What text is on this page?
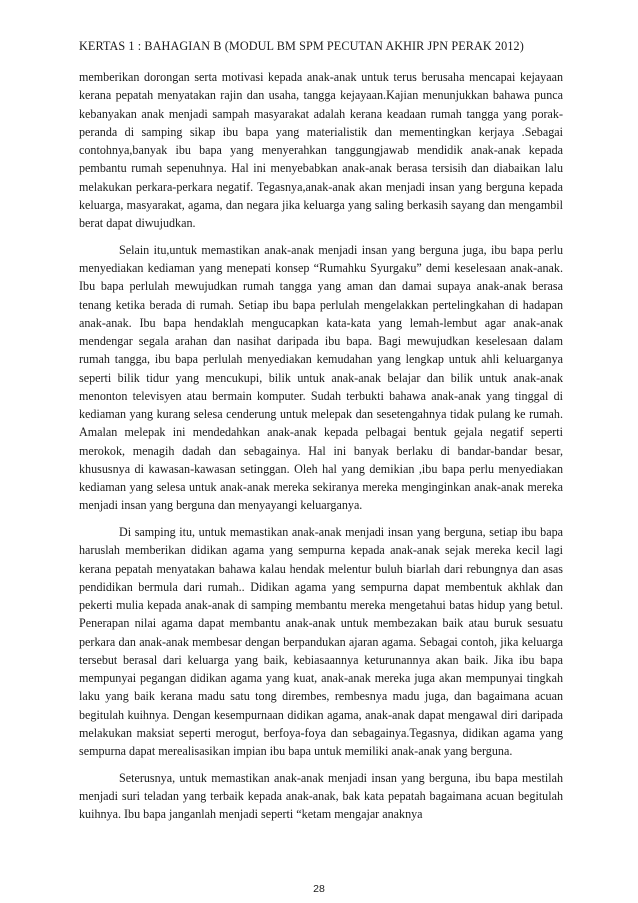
KERTAS 1 : BAHAGIAN B (MODUL BM SPM PECUTAN AKHIR JPN PERAK 2012)

memberikan dorongan serta motivasi kepada anak-anak untuk terus berusaha mencapai kejayaan kerana pepatah menyatakan rajin dan usaha, tangga kejayaan.Kajian menunjukkan bahawa punca kebanyakan anak menjadi sampah masyarakat adalah kerana keadaan rumah tangga yang porak-peranda di samping sikap ibu bapa yang materialistik dan mementingkan kerjaya .Sebagai contohnya,banyak ibu bapa yang menyerahkan tanggungjawab mendidik anak-anak kepada pembantu rumah sepenuhnya. Hal ini menyebabkan anak-anak berasa tersisih dan diabaikan lalu melakukan perkara-perkara negatif. Tegasnya,anak-anak akan menjadi insan yang berguna kepada keluarga, masyarakat, agama, dan negara jika keluarga yang saling berkasih sayang dan mengambil berat dapat diwujudkan.

Selain itu,untuk memastikan anak-anak menjadi insan yang berguna juga, ibu bapa perlu menyediakan kediaman yang menepati konsep “Rumahku Syurgaku” demi keselesaan anak-anak. Ibu bapa perlulah mewujudkan rumah tangga yang aman dan damai supaya anak-anak berasa tenang ketika berada di rumah. Setiap ibu bapa perlulah mengelakkan pertelingkahan di hadapan anak-anak. Ibu bapa hendaklah mengucapkan kata-kata yang lemah-lembut agar anak-anak mendengar segala arahan dan nasihat daripada ibu bapa. Bagi mewujudkan keselesaan dalam rumah tangga, ibu bapa perlulah menyediakan kemudahan yang lengkap untuk ahli keluarganya seperti bilik tidur yang mencukupi, bilik untuk anak-anak belajar dan bilik untuk anak-anak menonton televisyen atau bermain komputer. Sudah terbukti bahawa anak-anak yang tinggal di kediaman yang kurang selesa cenderung untuk melepak dan sesetengahnya tidak pulang ke rumah. Amalan melepak ini mendedahkan anak-anak kepada pelbagai bentuk gejala negatif seperti merokok, menagih dadah dan sebagainya. Hal ini banyak berlaku di bandar-bandar besar, khususnya di kawasan-kawasan setinggan. Oleh hal yang demikian ,ibu bapa perlu menyediakan kediaman yang selesa untuk anak-anak mereka sekiranya mereka menginginkan anak-anak mereka menjadi insan yang berguna dan menyayangi keluarganya.

Di samping itu, untuk memastikan anak-anak menjadi insan yang berguna, setiap ibu bapa haruslah memberikan didikan agama yang sempurna kepada anak-anak sejak mereka kecil lagi kerana pepatah menyatakan bahawa kalau hendak melentur buluh biarlah dari rebungnya dan asas pendidikan bermula dari rumah.. Didikan agama yang sempurna dapat membentuk akhlak dan pekerti mulia kepada anak-anak di samping membantu mereka mengetahui batas hidup yang betul. Penerapan nilai agama dapat membantu anak-anak untuk membezakan baik atau buruk sesuatu perkara dan anak-anak membesar dengan berpandukan ajaran agama. Sebagai contoh, jika keluarga tersebut berasal dari keluarga yang baik, kebiasaannya keturunannya akan baik. Jika ibu bapa mempunyai pegangan didikan agama yang kuat, anak-anak mereka juga akan mempunyai tingkah laku yang baik kerana madu satu tong dirembes, rembesnya madu juga, dan bagaimana acuan begitulah kuihnya. Dengan kesempurnaan didikan agama, anak-anak dapat mengawal diri daripada melakukan maksiat seperti merogut, berfoya-foya dan sebagainya.Tegasnya, didikan agama yang sempurna dapat merealisasikan impian ibu bapa untuk memiliki anak-anak yang berguna.

Seterusnya, untuk memastikan anak-anak menjadi insan yang berguna, ibu bapa mestilah menjadi suri teladan yang terbaik kepada anak-anak, bak kata pepatah bagaimana acuan begitulah kuihnya. Ibu bapa janganlah menjadi seperti “ketam mengajar anaknya

28
